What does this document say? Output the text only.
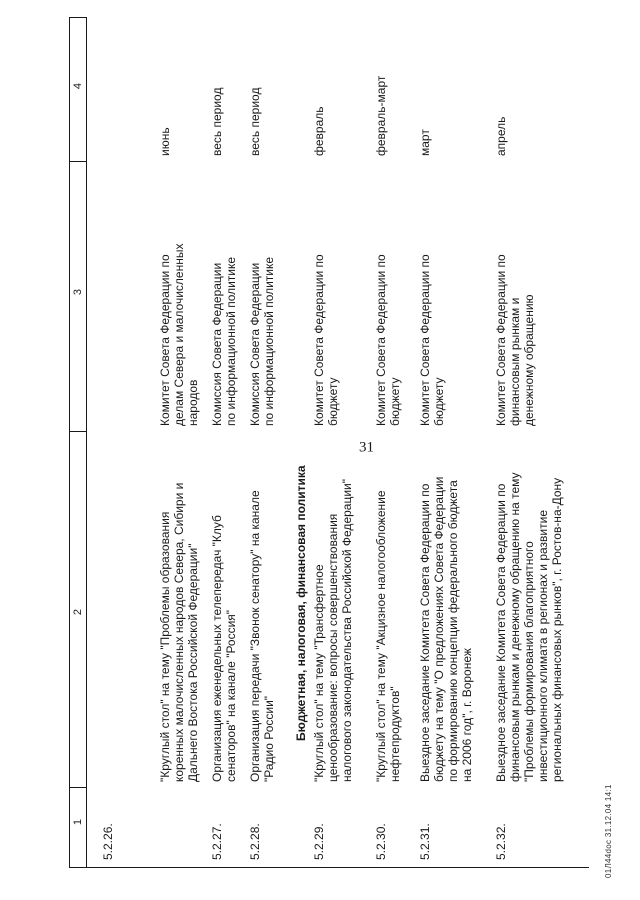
31
1
2
3
4
5.2.26.
"Круглый стол" на тему "Проблемы образования
коренных малочисленных народов Севера, Сибири и
Дальнего Востока Российской Федерации"
Комитет Совета Федерации по
делам Севера и малочисленных
народов
июнь
5.2.27.
Организация еженедельных телепередач "Клуб
сенаторов" на канале "Россия"
Комиссия Совета Федерации
по информационной политике
весь период
5.2.28.
Организация передачи "Звонок сенатору" на канале
"Радио России"
Комиссия Совета Федерации
по информационной политике
весь период
Бюджетная, налоговая, финансовая политика
5.2.29.
"Круглый стол" на тему "Трансфертное
ценообразование: вопросы совершенствования
налогового законодательства Российской Федерации"
Комитет Совета Федерации по
бюджету
февраль
5.2.30.
"Круглый стол" на тему "Акцизное налогообложение
нефтепродуктов"
Комитет Совета Федерации по
бюджету
февраль-март
5.2.31.
Выездное заседание Комитета Совета Федерации по
бюджету на тему "О предложениях Совета Федерации
по формированию концепции федерального бюджета
на 2006 год", г. Воронеж
Комитет Совета Федерации по
бюджету
март
5.2.32.
Выездное заседание Комитета Совета Федерации по
финансовым рынкам и денежному обращению на тему
"Проблемы формирования благоприятного
инвестиционного климата в регионах и развитие
региональных финансовых рынков", г. Ростов-на-Дону
Комитет Совета Федерации по
финансовым рынкам и
денежному обращению
апрель
01Л44doc 31.12.04 14:1
